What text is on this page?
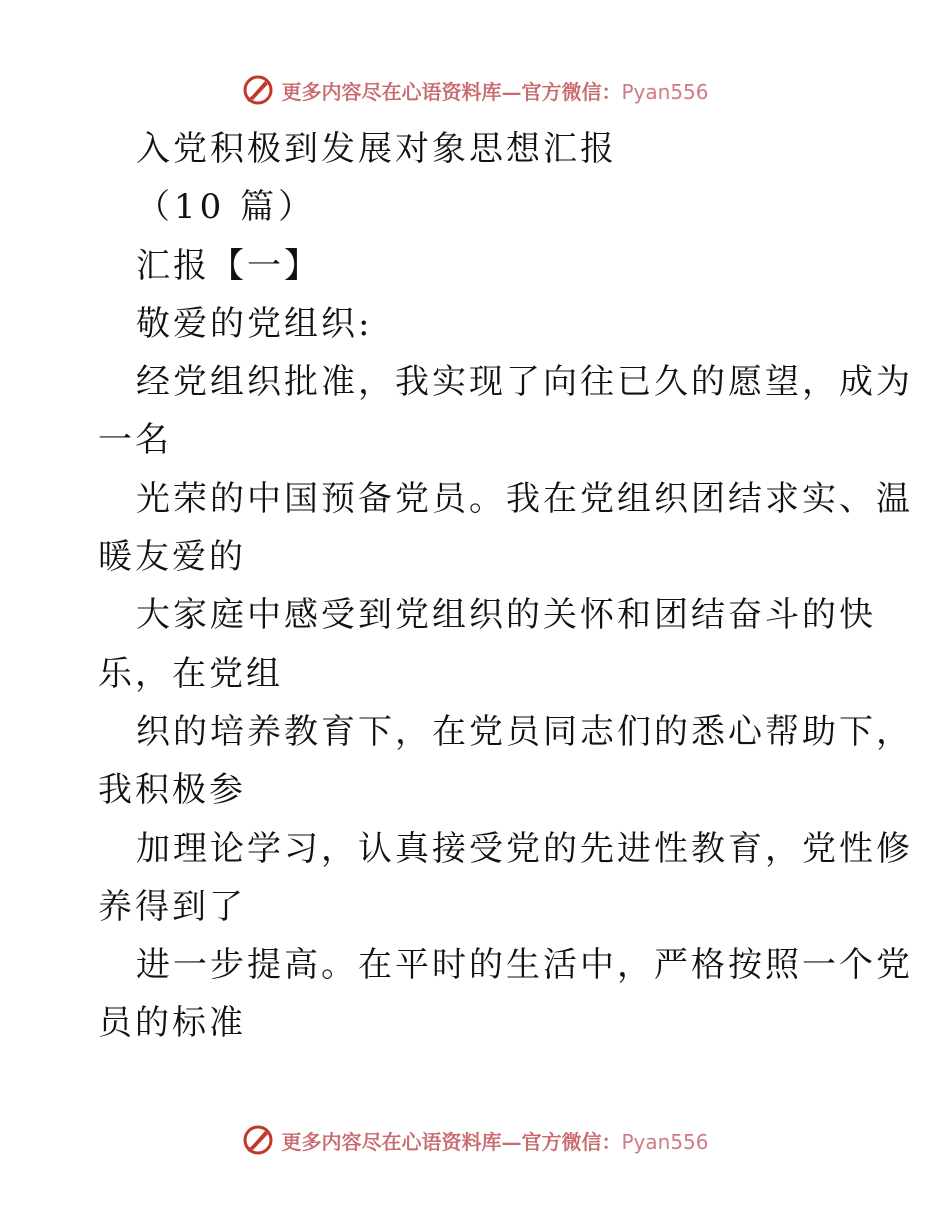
更多内容尽在心语资料库—官方微信：Pyan556
入党积极到发展对象思想汇报
（10 篇）
汇报【一】
敬爱的党组织:
经党组织批准，我实现了向往已久的愿望，成为
一名
光荣的中国预备党员。我在党组织团结求实、温
暖友爱的
大家庭中感受到党组织的关怀和团结奋斗的快
乐，在党组
织的培养教育下，在党员同志们的悉心帮助下，
我积极参
加理论学习，认真接受党的先进性教育，党性修
养得到了
进一步提高。在平时的生活中，严格按照一个党
员的标准
更多内容尽在心语资料库—官方微信：Pyan556
